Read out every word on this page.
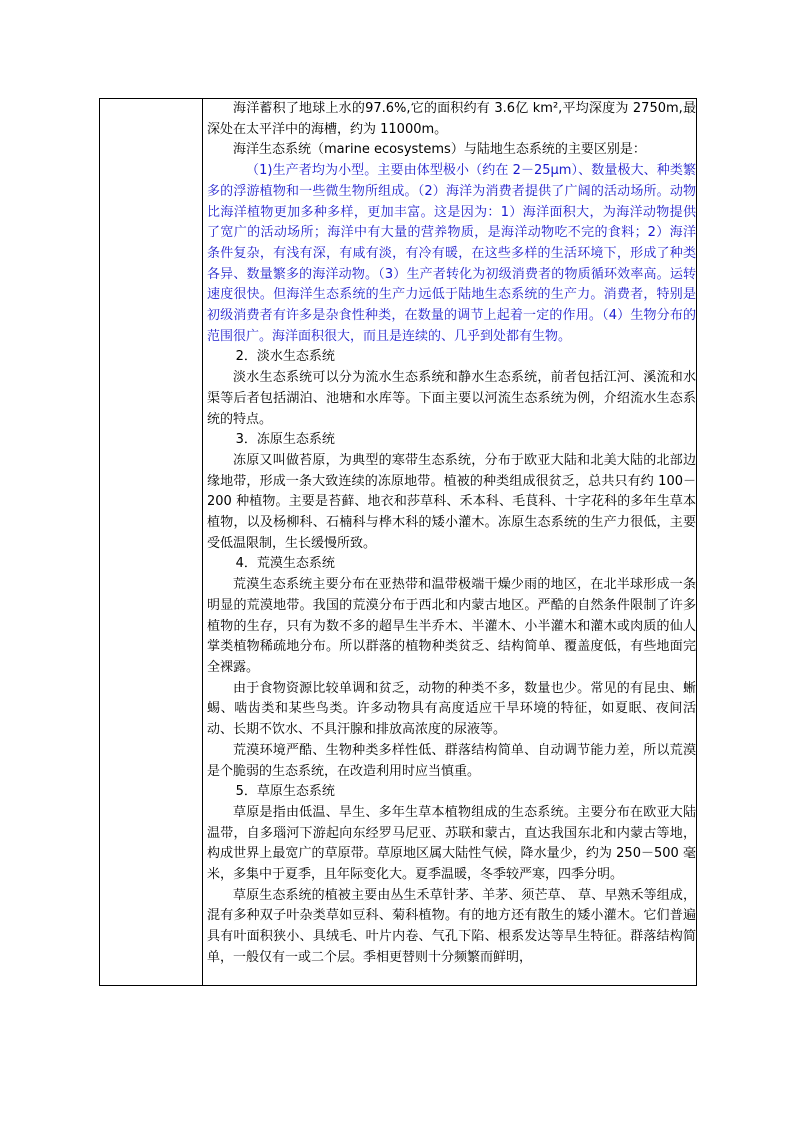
海洋蓄积了地球上水的97.6%,它的面积约有 3.6亿 km²,平均深度为 2750m,最深处在太平洋中的海槽，约为 11000m。

海洋生态系统（marine ecosystems）与陆地生态系统的主要区别是：

（1)生产者均为小型。主要由体型极小（约在 2－25μm）、数量极大、种类繁多的浮游植物和一些微生物所组成。（2）海洋为消费者提供了广阔的活动场所。动物比海洋植物更加多种多样，更加丰富。这是因为：1）海洋面积大，为海洋动物提供了宽广的活动场所；海洋中有大量的营养物质，是海洋动物吃不完的食料；2）海洋条件复杂，有浅有深，有咸有淡，有冷有暖，在这些多样的生活环境下，形成了种类各异、数量繁多的海洋动物。（3）生产者转化为初级消费者的物质循环效率高。运转速度很快。但海洋生态系统的生产力远低于陆地生态系统的生产力。消费者，特别是初级消费者有许多是杂食性种类，在数量的调节上起着一定的作用。（4）生物分布的范围很广。海洋面积很大，而且是连续的、几乎到处都有生物。

2．淡水生态系统

淡水生态系统可以分为流水生态系统和静水生态系统，前者包括江河、溪流和水渠等后者包括湖泊、池塘和水库等。下面主要以河流生态系统为例，介绍流水生态系统的特点。

3．冻原生态系统

冻原又叫做苔原，为典型的寒带生态系统，分布于欧亚大陆和北美大陆的北部边缘地带，形成一条大致连续的冻原地带。植被的种类组成很贫乏，总共只有约 100－200 种植物。主要是苔藓、地衣和莎草科、禾本科、毛茛科、十字花科的多年生草本植物，以及杨柳科、石楠科与桦木科的矮小灌木。冻原生态系统的生产力很低，主要受低温限制，生长缓慢所致。

4．荒漠生态系统

荒漠生态系统主要分布在亚热带和温带极端干燥少雨的地区，在北半球形成一条明显的荒漠地带。我国的荒漠分布于西北和内蒙古地区。严酷的自然条件限制了许多植物的生存，只有为数不多的超旱生半乔木、半灌木、小半灌木和灌木或肉质的仙人掌类植物稀疏地分布。所以群落的植物种类贫乏、结构简单、覆盖度低，有些地面完全裸露。

由于食物资源比较单调和贫乏，动物的种类不多，数量也少。常见的有昆虫、蜥蜴、啮齿类和某些鸟类。许多动物具有高度适应干旱环境的特征，如夏眠、夜间活动、长期不饮水、不具汗腺和排放高浓度的尿液等。

荒漠环境严酷、生物种类多样性低、群落结构简单、自动调节能力差，所以荒漠是个脆弱的生态系统，在改造利用时应当慎重。

5．草原生态系统

草原是指由低温、旱生、多年生草本植物组成的生态系统。主要分布在欧亚大陆温带，自多瑙河下游起向东经罗马尼亚、苏联和蒙古，直达我国东北和内蒙古等地，构成世界上最宽广的草原带。草原地区属大陆性气候，降水量少，约为 250－500 毫米，多集中于夏季，且年际变化大。夏季温暖，冬季较严寒，四季分明。

草原生态系统的植被主要由丛生禾草针茅、羊茅、须芒草、 草、早熟禾等组成，混有多种双子叶杂类草如豆科、菊科植物。有的地方还有散生的矮小灌木。它们普遍具有叶面积狭小、具绒毛、叶片内卷、气孔下陷、根系发达等旱生特征。群落结构简单，一般仅有一或二个层。季相更替则十分频繁而鲜明，
